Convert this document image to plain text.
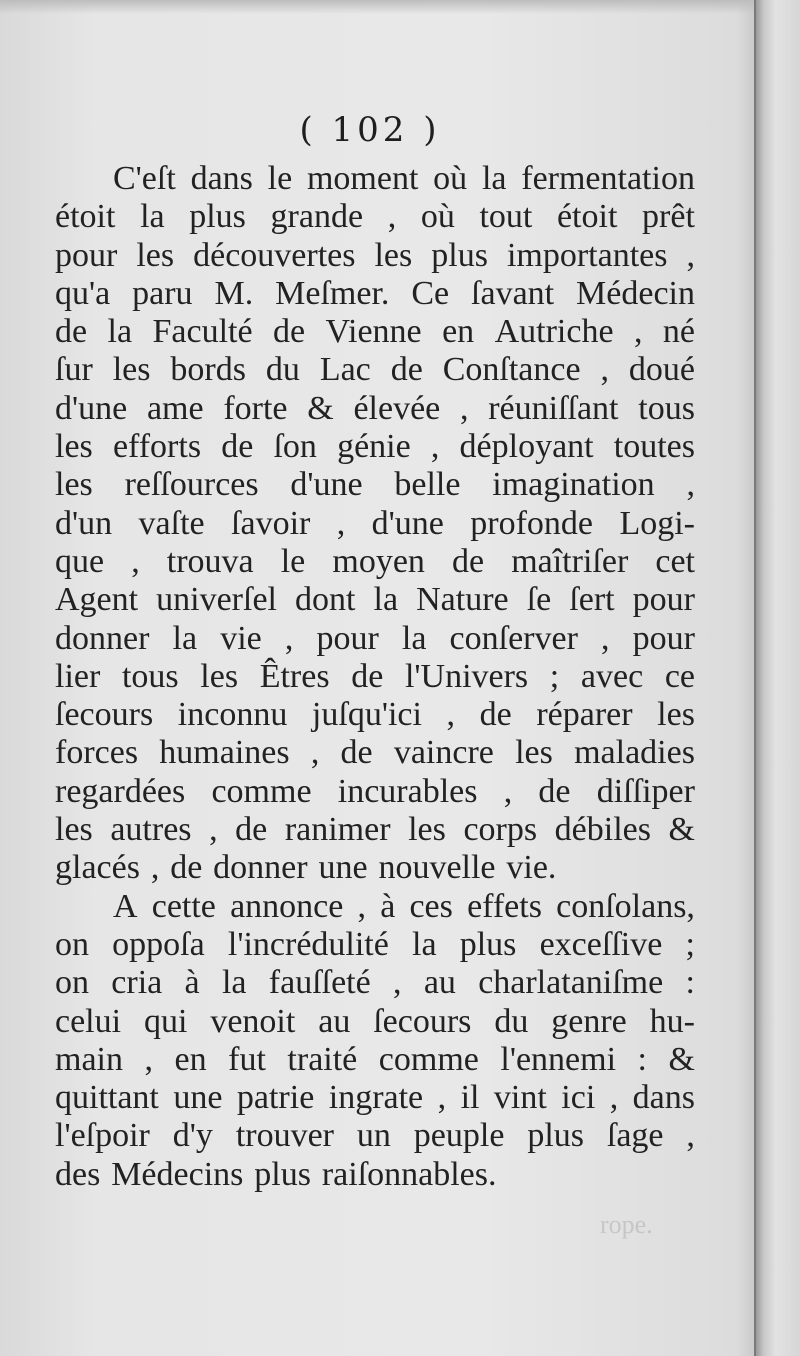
( 102 )
C'eſt dans le moment où la fermentation
étoit la plus grande , où tout étoit prêt
pour les découvertes les plus importantes ,
qu'a paru M. Meſmer. Ce ſavant Médecin
de la Faculté de Vienne en Autriche , né
ſur les bords du Lac de Conſtance , doué
d'une ame forte & élevée , réuniſſant tous
les efforts de ſon génie , déployant toutes
les reſſources d'une belle imagination ,
d'un vaſte ſavoir , d'une profonde Logi-
que , trouva le moyen de maîtriſer cet
Agent univerſel dont la Nature ſe ſert pour
donner la vie , pour la conſerver , pour
lier tous les Êtres de l'Univers ; avec ce
ſecours inconnu juſqu'ici , de réparer les
forces humaines , de vaincre les maladies
regardées comme incurables , de diſſiper
les autres , de ranimer les corps débiles &
glacés , de donner une nouvelle vie.
A cette annonce , à ces effets conſolans,
on oppoſa l'incrédulité la plus exceſſive ;
on cria à la fauſſeté , au charlataniſme :
celui qui venoit au ſecours du genre hu-
main , en fut traité comme l'ennemi : &
quittant une patrie ingrate , il vint ici , dans
l'eſpoir d'y trouver un peuple plus ſage ,
des Médecins plus raiſonnables.
rope.
